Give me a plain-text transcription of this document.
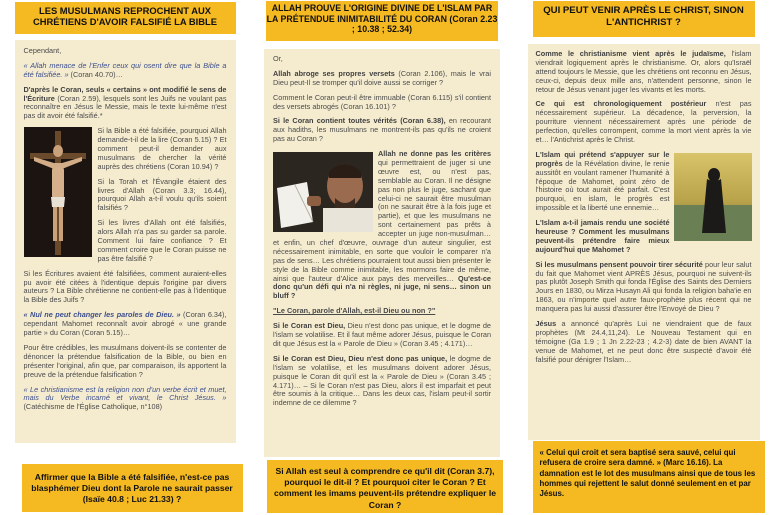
LES MUSULMANS REPROCHENT AUX CHRÉTIENS D'AVOIR FALSIFIÉ LA BIBLE

Cependant,

« Allah menace de l'Enfer ceux qui osent dire que la Bible a été falsifiée. » (Coran 40.70)…

D'après le Coran, seuls « certains » ont modifié le sens de l'Écriture (Coran 2.59), lesquels sont les Juifs ne voulant pas reconnaître en Jésus le Messie, mais le texte lui-même n'est pas dit avoir été falsifié.*

Si la Bible a été falsifiée, pourquoi Allah demande-t-il de la lire (Coran 5.15) ? Et comment peut-il demander aux musulmans de chercher la vérité auprès des chrétiens (Coran 10.94) ?

Si la Torah et l'Évangile étaient des livres d'Allah (Coran 3.3; 16.44), pourquoi Allah a-t-il voulu qu'ils soient falsifiés ?

Si les livres d'Allah ont été falsifiés, alors Allah n'a pas su garder sa parole. Comment lui faire confiance ? Et comment croire que le Coran puisse ne pas être falsifié ?

Si les Écritures avaient été falsifiées, comment auraient-elles pu avoir été citées à l'identique depuis l'origine par divers auteurs ? La Bible chrétienne ne contient-elle pas à l'identique la Bible des Juifs ?

« Nul ne peut changer les paroles de Dieu. » (Coran 6.34), cependant Mahomet reconnaît avoir abrogé « une grande partie » du Coran (Coran 5.15)…

Pour être crédibles, les musulmans doivent-ils se contenter de dénoncer la prétendue falsification de la Bible, ou bien en présenter l'original, afin que, par comparaison, ils apportent la preuve de la prétendue falsification ?

« Le christianisme est la religion non d'un verbe écrit et muet, mais du Verbe incarné et vivant, le Christ Jésus. » (Catéchisme de l'Église Catholique, n°108)

Affirmer que la Bible a été falsifiée, n'est-ce pas blasphémer Dieu dont la Parole ne saurait passer (Isaïe 40.8 ; Luc 21.33) ?
ALLAH PROUVE L'ORIGINE DIVINE DE L'ISLAM PAR LA PRÉTENDUE INIMITABILITÉ DU CORAN (Coran 2.23 ; 10.38 ; 52.34)

Or,

Allah abroge ses propres versets (Coran 2.106), mais le vrai Dieu peut-Il se tromper qu'il doive aussi se corriger ?

Comment le Coran peut-il être immuable (Coran 6.115) s'il contient des versets abrogés (Coran 16.101) ?

Si le Coran contient toutes vérités (Coran 6.38), en recourant aux hadiths, les musulmans ne montrent-ils pas qu'ils ne croient pas au Coran ?

Allah ne donne pas les critères qui permettraient de juger si une œuvre est, ou n'est pas, semblable au Coran. Il ne désigne pas non plus le juge, sachant que celui-ci ne saurait être musulman (on ne saurait être à la fois juge et partie), et que les musulmans ne sont certainement pas prêts à accepter un juge non-musulman… et enfin, un chef d'œuvre, ouvrage d'un auteur singulier, est nécessairement inimitable, en sorte que vouloir le comparer n'a pas de sens… Les chrétiens pourraient tout aussi bien présenter le style de la Bible comme inimitable, les mormons faire de même, ainsi que l'auteur d'Alice aux pays des merveilles… Qu'est-ce donc qu'un défi qui n'a ni règles, ni juge, ni sens… sinon un bluff ?

"Le Coran, parole d'Allah, est-il Dieu ou non ?"

Si le Coran est Dieu, Dieu n'est donc pas unique, et le dogme de l'islam se volatilise. Et il faut même adorer Jésus, puisque le Coran dit que Jésus est la « Parole de Dieu » (Coran 3.45 ; 4.171)…

Si le Coran est Dieu, Dieu n'est donc pas unique, le dogme de l'islam se volatilise, et les musulmans doivent adorer Jésus, puisque le Coran dit qu'il est la « Parole de Dieu » (Coran 3.45 ; 4.171)… – Si le Coran n'est pas Dieu, alors il est imparfait et peut être soumis à la critique… Dans les deux cas, l'islam peut-il sortir indemne de ce dilemme ?

Si Allah est seul à comprendre ce qu'il dit (Coran 3.7), pourquoi le dit-il ? Et pourquoi citer le Coran ? Et comment les imams peuvent-ils prétendre expliquer le Coran ?
QUI PEUT VENIR APRÈS LE CHRIST, SINON L'ANTICHRIST ?

Comme le christianisme vient après le judaïsme, l'islam viendrait logiquement après le christianisme. Or, alors qu'Israël attend toujours le Messie, que les chrétiens ont reconnu en Jésus, ceux-ci, depuis deux mille ans, n'attendent personne, sinon le retour de Jésus venant juger les vivants et les morts.

Ce qui est chronologiquement postérieur n'est pas nécessairement supérieur. La décadence, la perversion, la pourriture viennent nécessairement après une période de perfection, qu'elles corrompent, comme la mort vient après la vie et… l'Antichrist après le Christ.

L'Islam qui prétend s'appuyer sur le progrès de la Révélation divine, le renie aussitôt en voulant ramener l'humanité à l'époque de Mahomet, point zéro de l'histoire où tout aurait été parfait. C'est pourquoi, en islam, le progrès est impossible et la liberté une ennemie…

L'Islam a-t-il jamais rendu une société heureuse ? Comment les musulmans peuvent-ils prétendre faire mieux aujourd'hui que Mahomet ?

Si les musulmans pensent pouvoir tirer sécurité pour leur salut du fait que Mahomet vient APRÈS Jésus, pourquoi ne suivent-ils pas plutôt Joseph Smith qui fonda l'Église des Saints des Derniers Jours en 1830, ou Mirza Husayn Ali qui fonda la religion baha'ie en 1863, ou n'importe quel autre faux-prophète plus récent qui ne manquera pas lui aussi d'assurer être l'Envoyé de Dieu ?

Jésus a annoncé qu'après Lui ne viendraient que de faux prophètes (Mt 24.4,11,24). Le Nouveau Testament qui en témoigne (Ga 1.9 ; 1 Jn 2.22-23 ; 4.2-3) date de bien AVANT la venue de Mahomet, et ne peut donc être suspecté d'avoir été falsifié pour dénigrer l'Islam…

« Celui qui croit et sera baptisé sera sauvé, celui qui refusera de croire sera damné. » (Marc 16.16). La damnation est le lot des musulmans ainsi que de tous les hommes qui rejettent le salut donné seulement en et par Jésus.
